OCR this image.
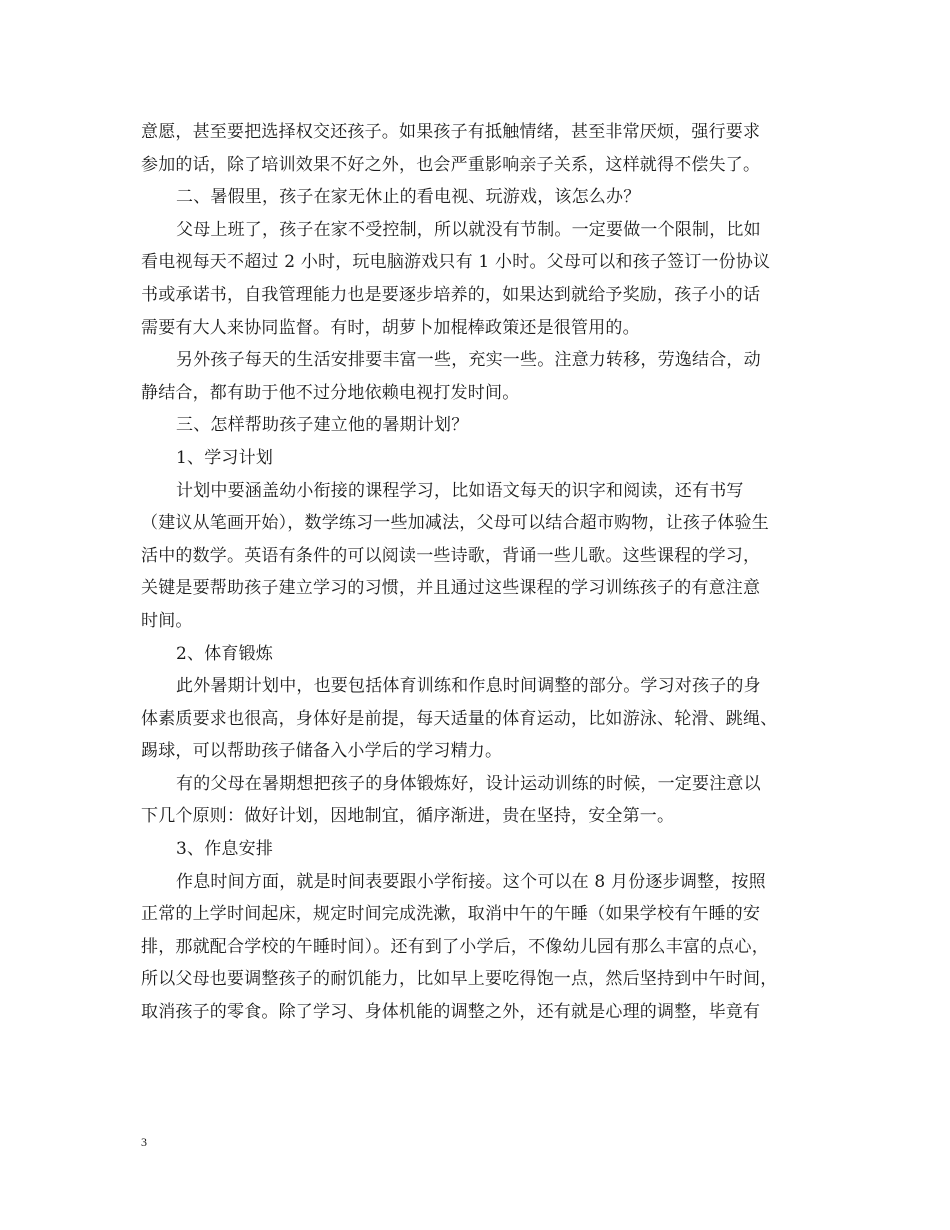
意愿，甚至要把选择权交还孩子。如果孩子有抵触情绪，甚至非常厌烦，强行要求
参加的话，除了培训效果不好之外，也会严重影响亲子关系，这样就得不偿失了。
二、暑假里，孩子在家无休止的看电视、玩游戏，该怎么办？
父母上班了，孩子在家不受控制，所以就没有节制。一定要做一个限制，比如
看电视每天不超过 2 小时，玩电脑游戏只有 1 小时。父母可以和孩子签订一份协议
书或承诺书，自我管理能力也是要逐步培养的，如果达到就给予奖励，孩子小的话
需要有大人来协同监督。有时，胡萝卜加棍棒政策还是很管用的。
另外孩子每天的生活安排要丰富一些，充实一些。注意力转移，劳逸结合，动
静结合，都有助于他不过分地依赖电视打发时间。
三、怎样帮助孩子建立他的暑期计划？
1、学习计划
计划中要涵盖幼小衔接的课程学习，比如语文每天的识字和阅读，还有书写
（建议从笔画开始），数学练习一些加减法，父母可以结合超市购物，让孩子体验生
活中的数学。英语有条件的可以阅读一些诗歌，背诵一些儿歌。这些课程的学习，
关键是要帮助孩子建立学习的习惯，并且通过这些课程的学习训练孩子的有意注意
时间。
2、体育锻炼
此外暑期计划中，也要包括体育训练和作息时间调整的部分。学习对孩子的身
体素质要求也很高，身体好是前提，每天适量的体育运动，比如游泳、轮滑、跳绳、
踢球，可以帮助孩子储备入小学后的学习精力。
有的父母在暑期想把孩子的身体锻炼好，设计运动训练的时候，一定要注意以
下几个原则：做好计划，因地制宜，循序渐进，贵在坚持，安全第一。
3、作息安排
作息时间方面，就是时间表要跟小学衔接。这个可以在 8 月份逐步调整，按照
正常的上学时间起床，规定时间完成洗漱，取消中午的午睡（如果学校有午睡的安
排，那就配合学校的午睡时间）。还有到了小学后，不像幼儿园有那么丰富的点心，
所以父母也要调整孩子的耐饥能力，比如早上要吃得饱一点，然后坚持到中午时间，
取消孩子的零食。除了学习、身体机能的调整之外，还有就是心理的调整，毕竟有
3
